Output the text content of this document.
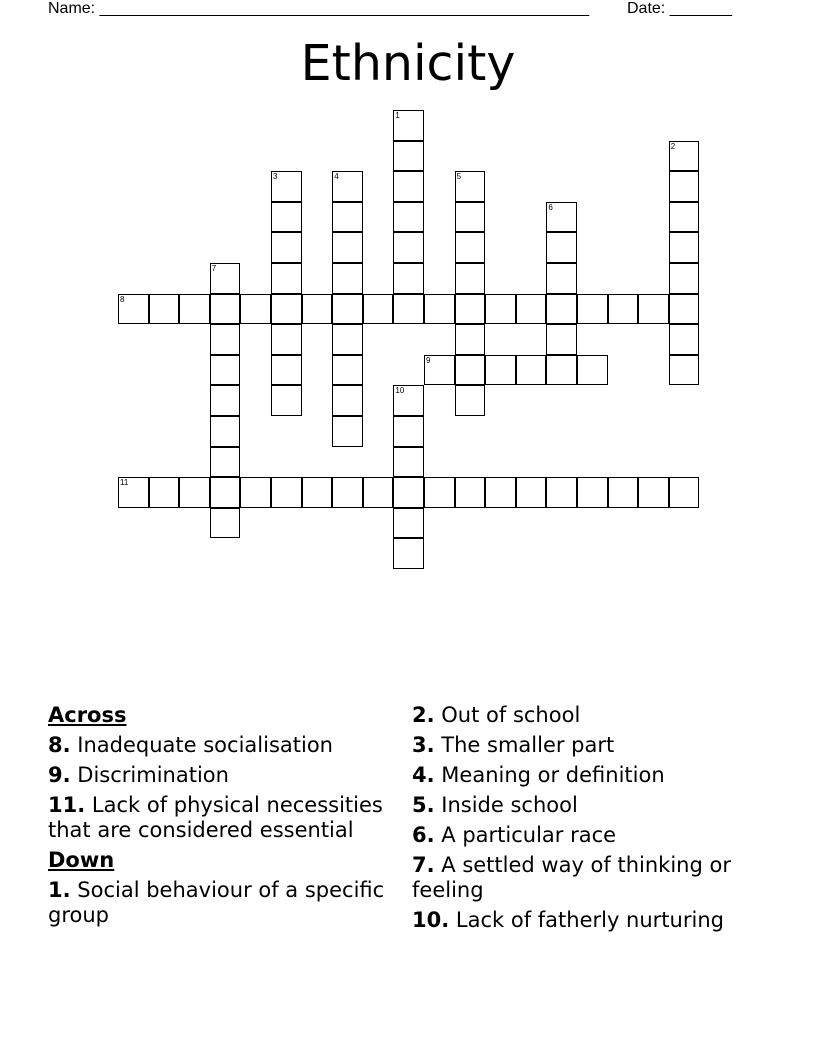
Name: _______________________________________________________ Date: _______
Ethnicity
1
2
3	4	5
6
7
8
9
10
11
Across
8. Inadequate socialisation
9. Discrimination
11. Lack of physical necessities that are considered essential
Down
1. Social behaviour of a specific group
2. Out of school
3. The smaller part
4. Meaning or definition
5. Inside school
6. A particular race
7. A settled way of thinking or feeling
10. Lack of fatherly nurturing
